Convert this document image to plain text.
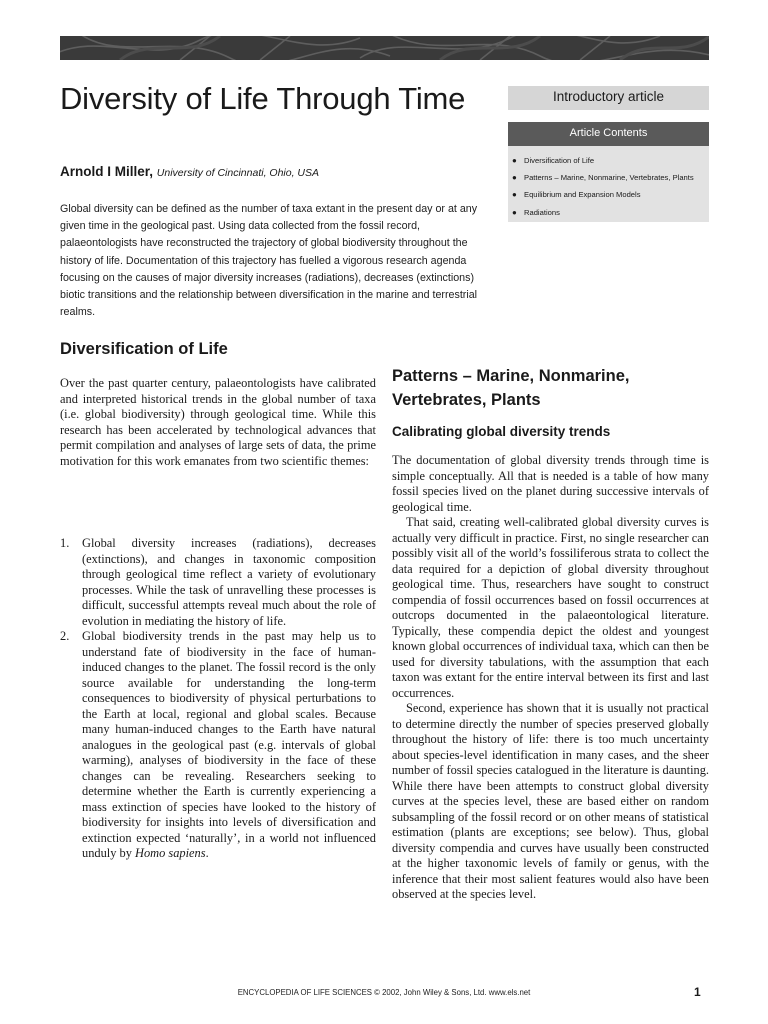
Diversity of Life Through Time
Arnold I Miller, University of Cincinnati, Ohio, USA

Global diversity can be defined as the number of taxa extant in the present day or at any given time in the geological past. Using data collected from the fossil record, palaeontologists have reconstructed the trajectory of global biodiversity throughout the history of life. Documentation of this trajectory has fuelled a vigorous research agenda focusing on the causes of major diversity increases (radiations), decreases (extinctions) biotic transitions and the relationship between diversification in the marine and terrestrial realms.

Introductory article
Article Contents
● Diversification of Life
● Patterns – Marine, Nonmarine, Vertebrates, Plants
● Equilibrium and Expansion Models
● Radiations
Diversification of Life

Over the past quarter century, palaeontologists have calibrated and interpreted historical trends in the global number of taxa (i.e. global biodiversity) through geological time. While this research has been accelerated by technological advances that permit compilation and analyses of large sets of data, the prime motivation for this work emanates from two scientific themes:

1. Global diversity increases (radiations), decreases (extinctions), and changes in taxonomic composition through geological time reflect a variety of evolutionary processes. While the task of unravelling these processes is difficult, successful attempts reveal much about the role of evolution in mediating the history of life.
2. Global biodiversity trends in the past may help us to understand fate of biodiversity in the face of human-induced changes to the planet. The fossil record is the only source available for understanding the long-term consequences to biodiversity of physical perturbations to the Earth at local, regional and global scales. Because many human-induced changes to the Earth have natural analogues in the geological past (e.g. intervals of global warming), analyses of biodiversity in the face of these changes can be revealing. Researchers seeking to determine whether the Earth is currently experiencing a mass extinction of species have looked to the history of biodiversity for insights into levels of diversification and extinction expected ‘naturally’, in a world not influenced unduly by Homo sapiens.
Patterns – Marine, Nonmarine, Vertebrates, Plants
Calibrating global diversity trends

The documentation of global diversity trends through time is simple conceptually. All that is needed is a table of how many fossil species lived on the planet during successive intervals of geological time.

That said, creating well-calibrated global diversity curves is actually very difficult in practice. First, no single researcher can possibly visit all of the world’s fossiliferous strata to collect the data required for a depiction of global diversity throughout geological time. Thus, researchers have sought to construct compendia of fossil occurrences based on fossil occurrences at outcrops documented in the palaeontological literature. Typically, these compendia depict the oldest and youngest known global occurrences of individual taxa, which can then be used for diversity tabulations, with the assumption that each taxon was extant for the entire interval between its first and last occurrences.

Second, experience has shown that it is usually not practical to determine directly the number of species preserved globally throughout the history of life: there is too much uncertainty about species-level identification in many cases, and the sheer number of fossil species catalogued in the literature is daunting. While there have been attempts to construct global diversity curves at the species level, these are based either on random subsampling of the fossil record or on other means of statistical estimation (plants are exceptions; see below). Thus, global diversity compendia and curves have usually been constructed at the higher taxonomic levels of family or genus, with the inference that their most salient features would also have been observed at the species level.

ENCYCLOPEDIA OF LIFE SCIENCES © 2002, John Wiley & Sons, Ltd. www.els.net	1
